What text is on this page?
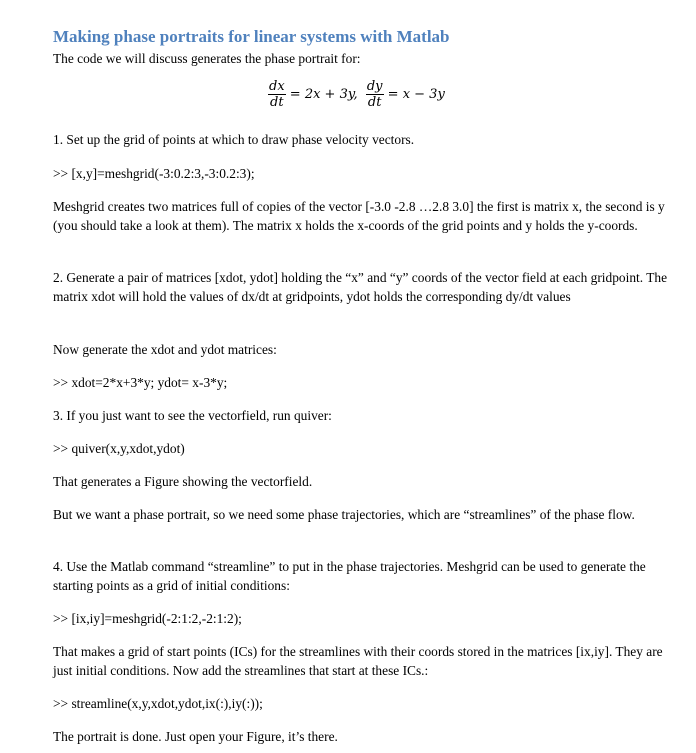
Making phase portraits for linear systems with Matlab
The code we will discuss generates the phase portrait for:
$\frac{dx}{dt} = 2x + 3y$, $\frac{dy}{dt} = x - 3y$
1. Set up the grid of points at which to draw phase velocity vectors.
>> [x,y]=meshgrid(-3:0.2:3,-3:0.2:3);
Meshgrid creates two matrices full of copies of the vector [-3.0 -2.8 …2.8 3.0] the first is matrix x, the second is y (you should take a look at them). The matrix x holds the x-coords of the grid points and y holds the y-coords.
2. Generate a pair of matrices [xdot, ydot] holding the “x” and “y” coords of the vector field at each gridpoint. The matrix xdot will hold the values of dx/dt at gridpoints, ydot holds the corresponding dy/dt values
Now generate the xdot and ydot matrices:
>> xdot=2*x+3*y; ydot= x-3*y;
3. If you just want to see the vectorfield, run quiver:
>> quiver(x,y,xdot,ydot)
That generates a Figure showing the vectorfield.
But we want a phase portrait, so we need some phase trajectories, which are “streamlines” of the phase flow.
4. Use the Matlab command “streamline” to put in the phase trajectories. Meshgrid can be used to generate the starting points as a grid of initial conditions:
>> [ix,iy]=meshgrid(-2:1:2,-2:1:2);
That makes a grid of start points (ICs) for the streamlines with their coords stored in the matrices [ix,iy]. They are just initial conditions. Now add the streamlines that start at these ICs.:
>> streamline(x,y,xdot,ydot,ix(:),iy(:));
The portrait is done. Just open your Figure, it’s there.
